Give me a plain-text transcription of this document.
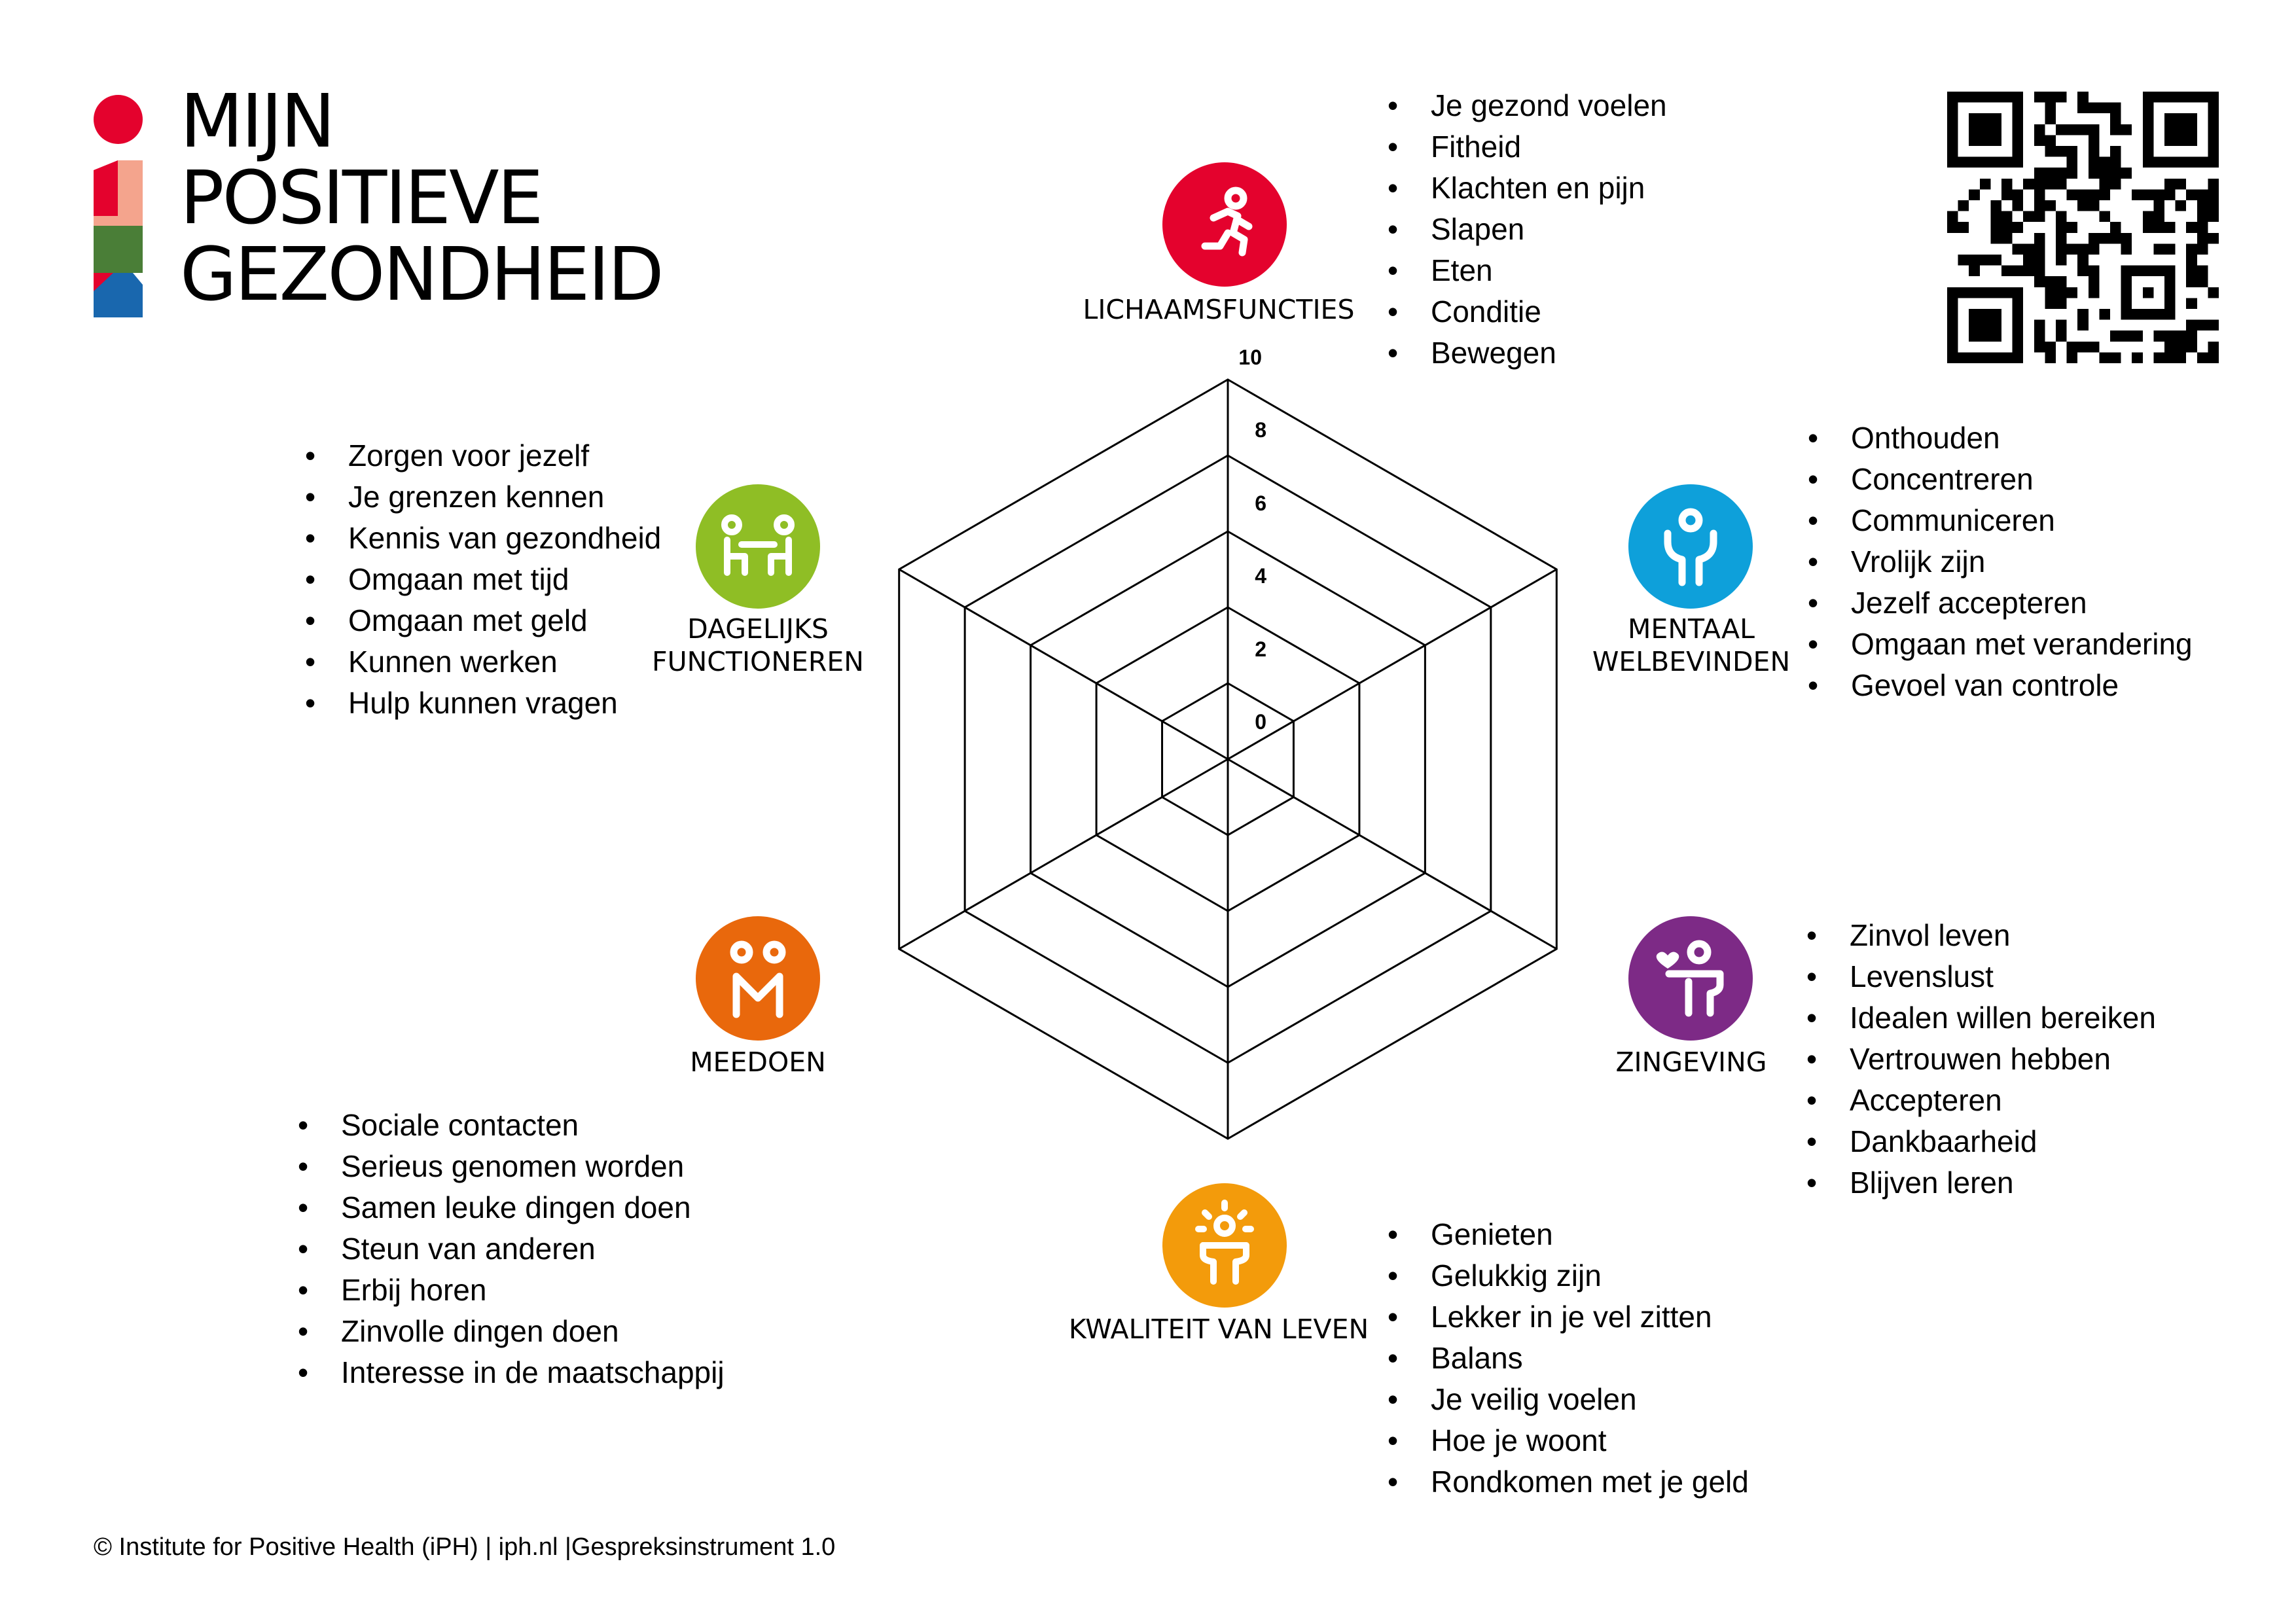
MIJN
POSITIEVE
GEZONDHEID
0
2
4
6
8
10
LICHAAMSFUNCTIES
• Je gezond voelen
• Fitheid
• Klachten en pijn
• Slapen
• Eten
• Conditie
• Bewegen
MENTAAL
WELBEVINDEN
• Onthouden
• Concentreren
• Communiceren
• Vrolijk zijn
• Jezelf accepteren
• Omgaan met verandering
• Gevoel van controle
ZINGEVING
• Zinvol leven
• Levenslust
• Idealen willen bereiken
• Vertrouwen hebben
• Accepteren
• Dankbaarheid
• Blijven leren
KWALITEIT VAN LEVEN
• Genieten
• Gelukkig zijn
• Lekker in je vel zitten
• Balans
• Je veilig voelen
• Hoe je woont
• Rondkomen met je geld
MEEDOEN
• Sociale contacten
• Serieus genomen worden
• Samen leuke dingen doen
• Steun van anderen
• Erbij horen
• Zinvolle dingen doen
• Interesse in de maatschappij
DAGELIJKS
FUNCTIONEREN
• Zorgen voor jezelf
• Je grenzen kennen
• Kennis van gezondheid
• Omgaan met tijd
• Omgaan met geld
• Kunnen werken
• Hulp kunnen vragen
© Institute for Positive Health (iPH) | iph.nl |Gespreksinstrument 1.0
